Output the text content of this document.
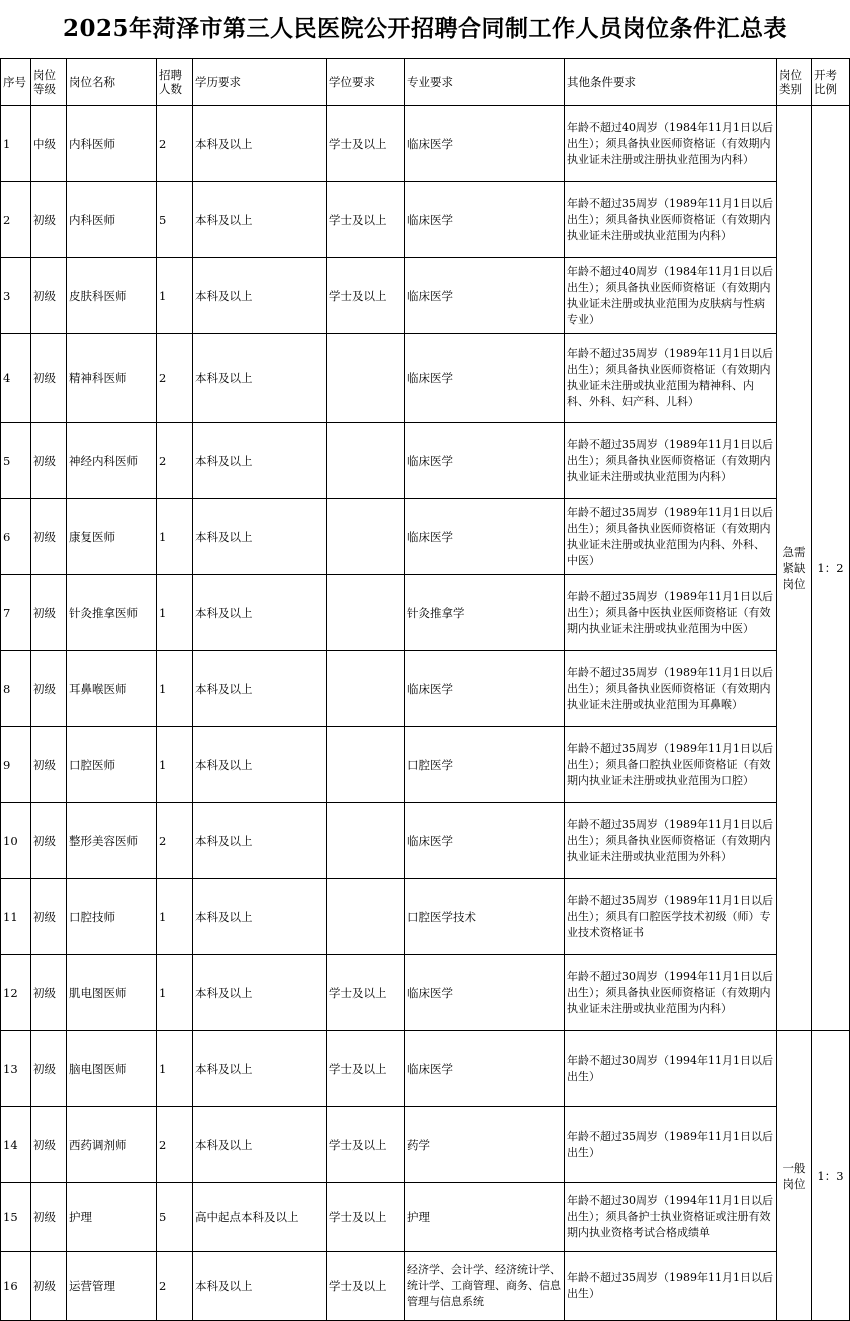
2025年菏泽市第三人民医院公开招聘合同制工作人员岗位条件汇总表
序号	岗位等级	岗位名称	招聘人数	学历要求	学位要求	专业要求	其他条件要求	岗位类别	开考比例
1	中级	内科医师	2	本科及以上	学士及以上	临床医学	年龄不超过40周岁（1984年11月1日以后出生）；须具备执业医师资格证（有效期内执业证未注册或注册执业范围为内科）	急需紧缺岗位	1：2
2	初级	内科医师	5	本科及以上	学士及以上	临床医学	年龄不超过35周岁（1989年11月1日以后出生）；须具备执业医师资格证（有效期内执业证未注册或执业范围为内科）		
3	初级	皮肤科医师	1	本科及以上	学士及以上	临床医学	年龄不超过40周岁（1984年11月1日以后出生）；须具备执业医师资格证（有效期内执业证未注册或执业范围为皮肤病与性病专业）		
4	初级	精神科医师	2	本科及以上		临床医学	年龄不超过35周岁（1989年11月1日以后出生）；须具备执业医师资格证（有效期内执业证未注册或执业范围为精神科、内科、外科、妇产科、儿科）		
5	初级	神经内科医师	2	本科及以上		临床医学	年龄不超过35周岁（1989年11月1日以后出生）；须具备执业医师资格证（有效期内执业证未注册或执业范围为内科）		
6	初级	康复医师	1	本科及以上		临床医学	年龄不超过35周岁（1989年11月1日以后出生）；须具备执业医师资格证（有效期内执业证未注册或执业范围为内科、外科、中医）		
7	初级	针灸推拿医师	1	本科及以上		针灸推拿学	年龄不超过35周岁（1989年11月1日以后出生）；须具备中医执业医师资格证（有效期内执业证未注册或执业范围为中医）		
8	初级	耳鼻喉医师	1	本科及以上		临床医学	年龄不超过35周岁（1989年11月1日以后出生）；须具备执业医师资格证（有效期内执业证未注册或执业范围为耳鼻喉）		
9	初级	口腔医师	1	本科及以上		口腔医学	年龄不超过35周岁（1989年11月1日以后出生）；须具备口腔执业医师资格证（有效期内执业证未注册或执业范围为口腔）		
10	初级	整形美容医师	2	本科及以上		临床医学	年龄不超过35周岁（1989年11月1日以后出生）；须具备执业医师资格证（有效期内执业证未注册或执业范围为外科）		
11	初级	口腔技师	1	本科及以上		口腔医学技术	年龄不超过35周岁（1989年11月1日以后出生）；须具有口腔医学技术初级（师）专业技术资格证书		
12	初级	肌电图医师	1	本科及以上	学士及以上	临床医学	年龄不超过30周岁（1994年11月1日以后出生）；须具备执业医师资格证（有效期内执业证未注册或执业范围为内科）		
13	初级	脑电图医师	1	本科及以上	学士及以上	临床医学	年龄不超过30周岁（1994年11月1日以后出生）	一般岗位	1：3
14	初级	西药调剂师	2	本科及以上	学士及以上	药学	年龄不超过35周岁（1989年11月1日以后出生）		
15	初级	护理	5	高中起点本科及以上	学士及以上	护理	年龄不超过30周岁（1994年11月1日以后出生）；须具备护士执业资格证或注册有效期内执业资格考试合格成绩单		
16	初级	运营管理	2	本科及以上	学士及以上	经济学、会计学、经济统计学、统计学、工商管理、商务、信息管理与信息系统	年龄不超过35周岁（1989年11月1日以后出生）		
